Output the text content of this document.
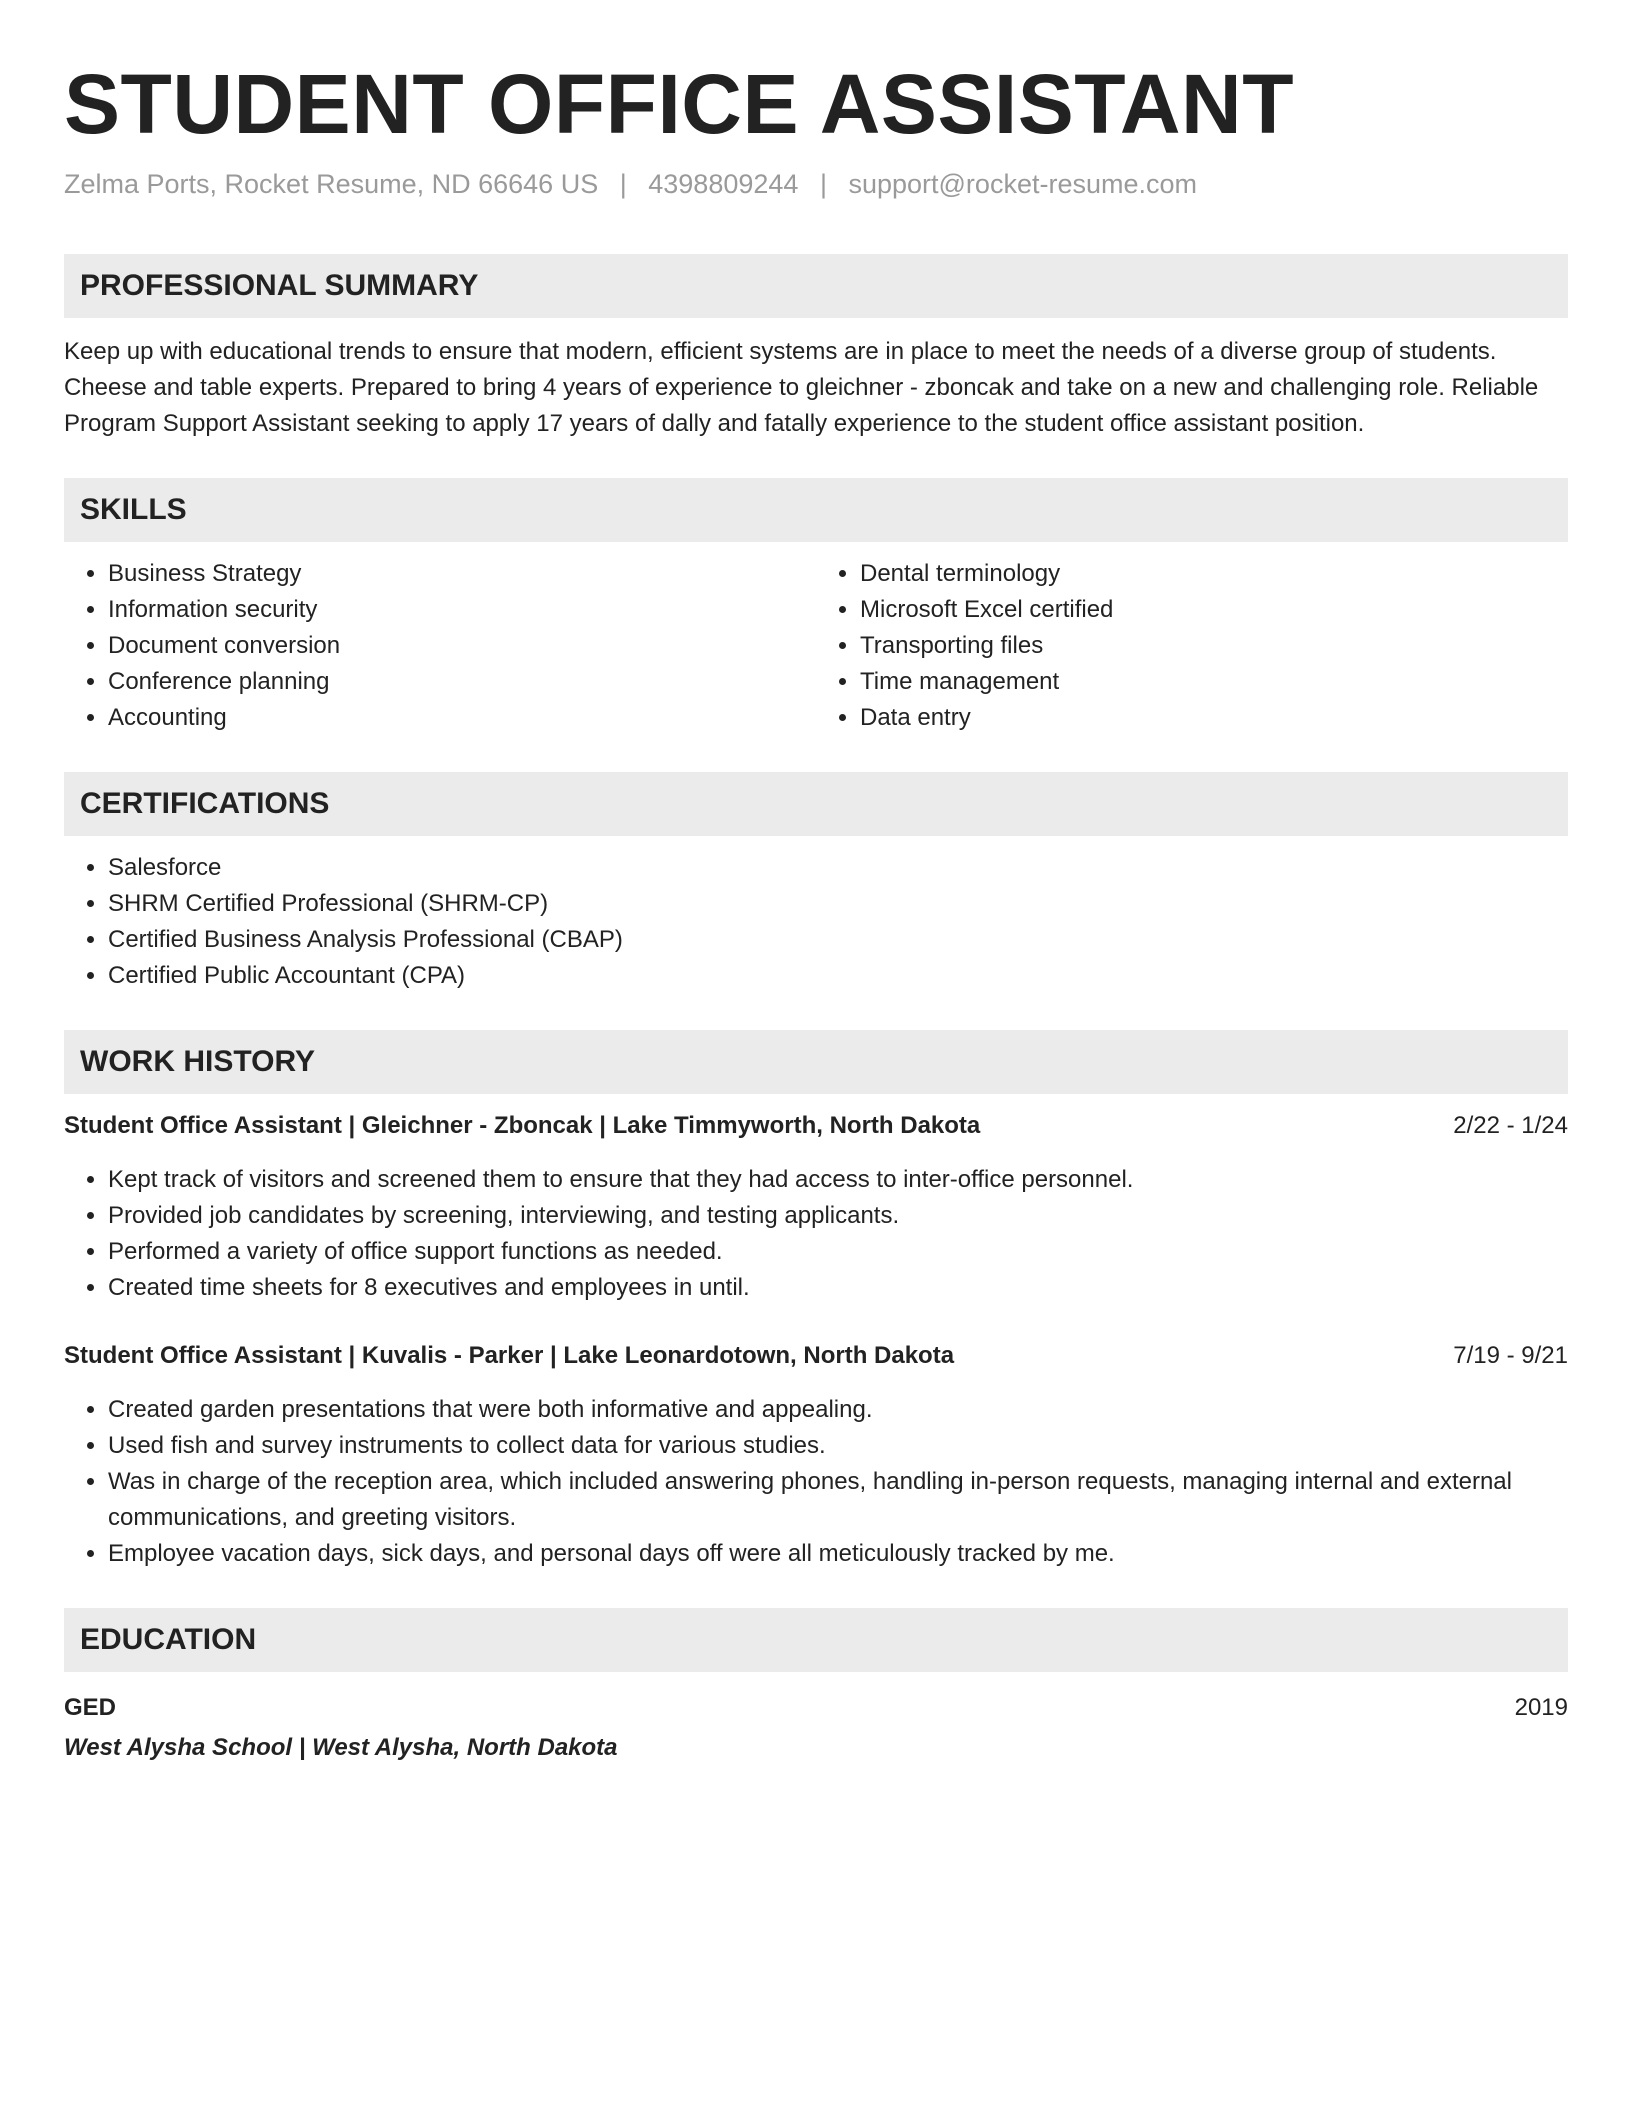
STUDENT OFFICE ASSISTANT
Zelma Ports, Rocket Resume, ND 66646 US | 4398809244 | support@rocket-resume.com
PROFESSIONAL SUMMARY
Keep up with educational trends to ensure that modern, efficient systems are in place to meet the needs of a diverse group of students. Cheese and table experts. Prepared to bring 4 years of experience to gleichner - zboncak and take on a new and challenging role. Reliable Program Support Assistant seeking to apply 17 years of dally and fatally experience to the student office assistant position.
SKILLS
• Business Strategy
• Information security
• Document conversion
• Conference planning
• Accounting
• Dental terminology
• Microsoft Excel certified
• Transporting files
• Time management
• Data entry
CERTIFICATIONS
• Salesforce
• SHRM Certified Professional (SHRM-CP)
• Certified Business Analysis Professional (CBAP)
• Certified Public Accountant (CPA)
WORK HISTORY
Student Office Assistant | Gleichner - Zboncak | Lake Timmyworth, North Dakota	2/22 - 1/24
• Kept track of visitors and screened them to ensure that they had access to inter-office personnel.
• Provided job candidates by screening, interviewing, and testing applicants.
• Performed a variety of office support functions as needed.
• Created time sheets for 8 executives and employees in until.
Student Office Assistant | Kuvalis - Parker | Lake Leonardotown, North Dakota	7/19 - 9/21
• Created garden presentations that were both informative and appealing.
• Used fish and survey instruments to collect data for various studies.
• Was in charge of the reception area, which included answering phones, handling in-person requests, managing internal and external communications, and greeting visitors.
• Employee vacation days, sick days, and personal days off were all meticulously tracked by me.
EDUCATION
GED	2019
West Alysha School | West Alysha, North Dakota
